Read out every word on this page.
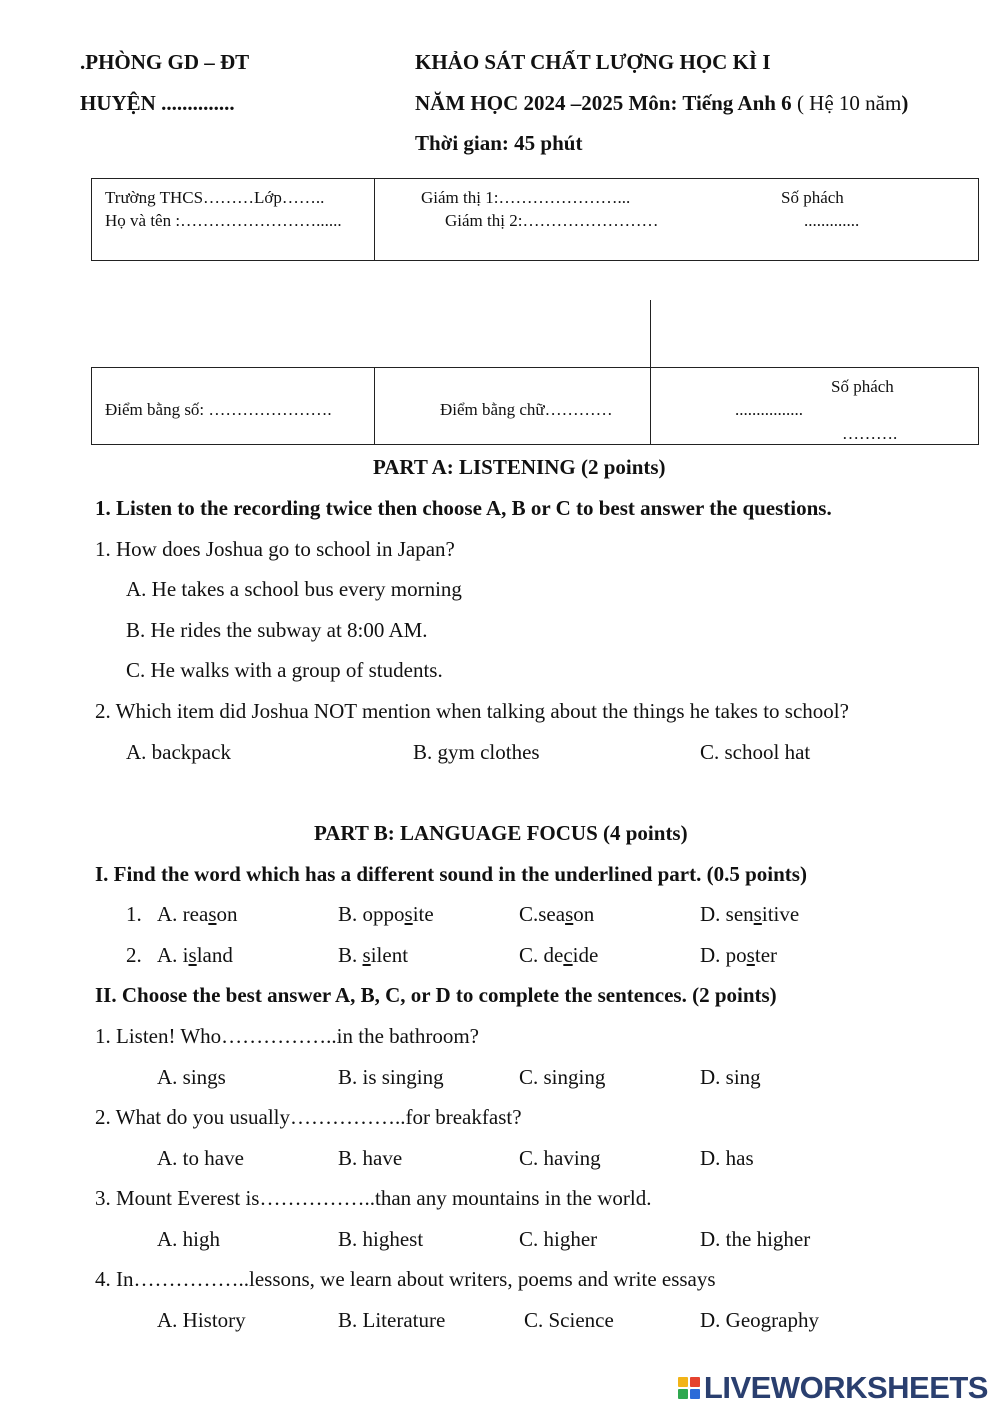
.PHÒNG GD – ĐT
HUYỆN ..............
KHẢO SÁT CHẤT LƯỢNG HỌC KÌ I
NĂM HỌC 2024 –2025 Môn: Tiếng Anh 6 ( Hệ 10 năm)
Thời gian: 45 phút
Trường THCS………Lớp……..
Họ và tên :……………………......
Giám thị 1:…………………...
Giám thị 2:……………………
Số phách
.............
Điểm bằng số: ………………….	Điểm bằng chữ…………
Số phách
................
……….
PART A: LISTENING (2 points)
1. Listen to the recording twice then choose A, B or C to best answer the questions.
1. How does Joshua go to school in Japan?
A. He takes a school bus every morning
B. He rides the subway at 8:00 AM.
C. He walks with a group of students.
2. Which item did Joshua NOT mention when talking about the things he takes to school?
A. backpack	B. gym clothes	C. school hat
PART B: LANGUAGE FOCUS (4 points)
I. Find the word which has a different sound in the underlined part. (0.5 points)
1. A. reason	B. opposite	C.season	D. sensitive
2. A. island	B. silent	C. decide	D. poster
II. Choose the best answer A, B, C, or D to complete the sentences. (2 points)
1. Listen! Who……………..in the bathroom?
A. sings	B. is singing	C. singing	D. sing
2. What do you usually……………..for breakfast?
A. to have	B. have	C. having	D. has
3. Mount Everest is……………..than any mountains in the world.
A. high	B. highest	C. higher	D. the higher
4. In……………..lessons, we learn about writers, poems and write essays
A. History	B. Literature	C. Science	D. Geography
LIVEWORKSHEETS
